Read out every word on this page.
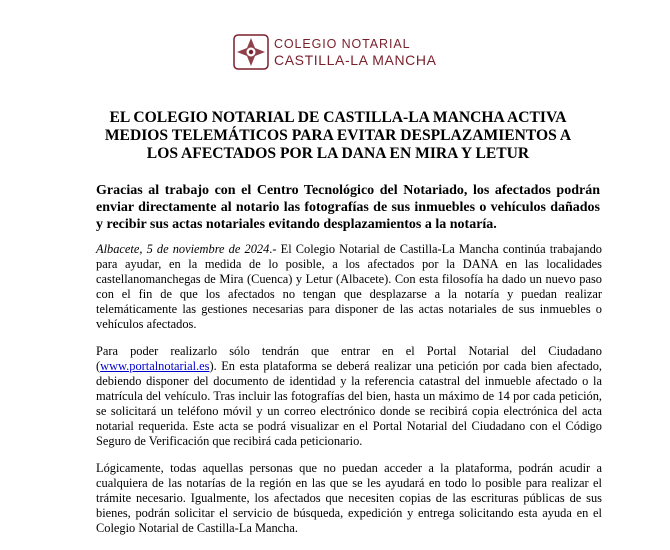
COLEGIO NOTARIAL
CASTILLA-LA MANCHA
EL COLEGIO NOTARIAL DE CASTILLA-LA MANCHA ACTIVA
MEDIOS TELEMÁTICOS PARA EVITAR DESPLAZAMIENTOS A
LOS AFECTADOS POR LA DANA EN MIRA Y LETUR
Gracias al trabajo con el Centro Tecnológico del Notariado, los afectados podrán enviar directamente al notario las fotografías de sus inmuebles o vehículos dañados y recibir sus actas notariales evitando desplazamientos a la notaría.

Albacete, 5 de noviembre de 2024.- El Colegio Notarial de Castilla-La Mancha continúa trabajando para ayudar, en la medida de lo posible, a los afectados por la DANA en las localidades castellanomanchegas de Mira (Cuenca) y Letur (Albacete). Con esta filosofía ha dado un nuevo paso con el fin de que los afectados no tengan que desplazarse a la notaría y puedan realizar telemáticamente las gestiones necesarias para disponer de las actas notariales de sus inmuebles o vehículos afectados.

Para poder realizarlo sólo tendrán que entrar en el Portal Notarial del Ciudadano (www.portalnotarial.es). En esta plataforma se deberá realizar una petición por cada bien afectado, debiendo disponer del documento de identidad y la referencia catastral del inmueble afectado o la matrícula del vehículo. Tras incluir las fotografías del bien, hasta un máximo de 14 por cada petición, se solicitará un teléfono móvil y un correo electrónico donde se recibirá copia electrónica del acta notarial requerida. Este acta se podrá visualizar en el Portal Notarial del Ciudadano con el Código Seguro de Verificación que recibirá cada peticionario.

Lógicamente, todas aquellas personas que no puedan acceder a la plataforma, podrán acudir a cualquiera de las notarías de la región en las que se les ayudará en todo lo posible para realizar el trámite necesario. Igualmente, los afectados que necesiten copias de las escrituras públicas de sus bienes, podrán solicitar el servicio de búsqueda, expedición y entrega solicitando esta ayuda en el Colegio Notarial de Castilla-La Mancha.
